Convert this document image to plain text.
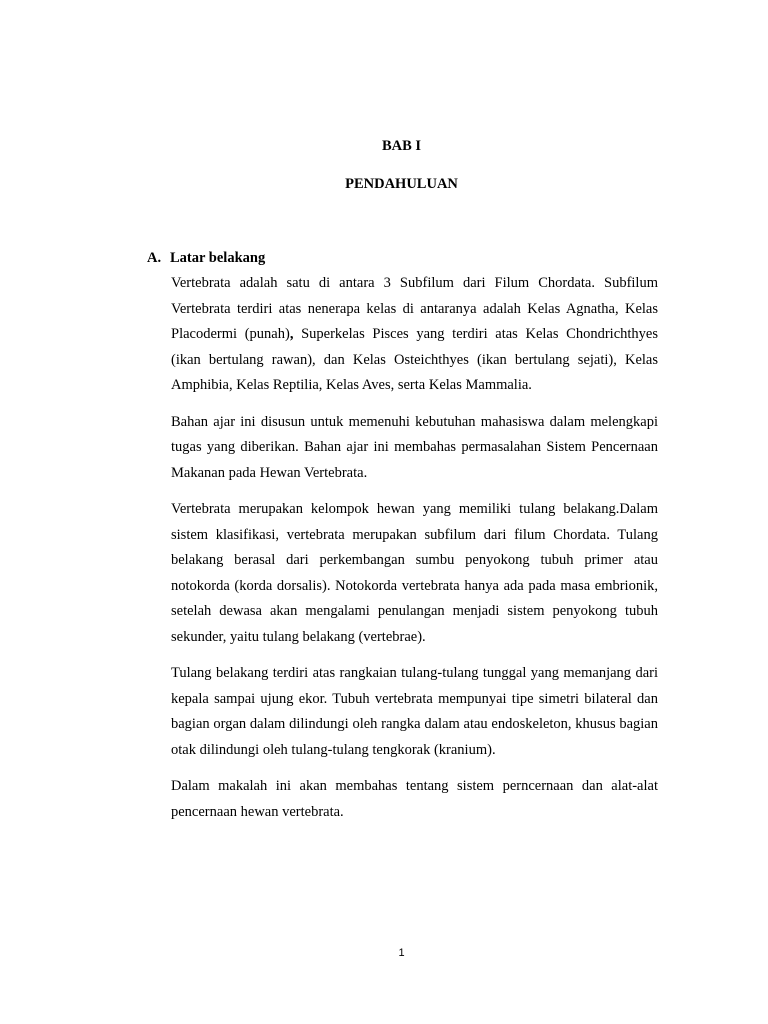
BAB I
PENDAHULUAN
A. Latar belakang

Vertebrata adalah satu di antara 3 Subfilum dari Filum Chordata. Subfilum Vertebrata terdiri atas nenerapa kelas di antaranya adalah Kelas Agnatha, Kelas Placodermi (punah), Superkelas Pisces yang terdiri atas Kelas Chondrichthyes (ikan bertulang rawan), dan Kelas Osteichthyes (ikan bertulang sejati), Kelas Amphibia, Kelas Reptilia, Kelas Aves, serta Kelas Mammalia.

Bahan ajar ini disusun untuk memenuhi kebutuhan mahasiswa dalam melengkapi tugas yang diberikan. Bahan ajar ini membahas permasalahan Sistem Pencernaan Makanan pada Hewan Vertebrata.

Vertebrata merupakan kelompok hewan yang memiliki tulang belakang.Dalam sistem klasifikasi, vertebrata merupakan subfilum dari filum Chordata. Tulang belakang berasal dari perkembangan sumbu penyokong tubuh primer atau notokorda (korda dorsalis). Notokorda vertebrata hanya ada pada masa embrionik, setelah dewasa akan mengalami penulangan menjadi sistem penyokong tubuh sekunder, yaitu tulang belakang (vertebrae).

Tulang belakang terdiri atas rangkaian tulang-tulang tunggal yang memanjang dari kepala sampai ujung ekor. Tubuh vertebrata mempunyai tipe simetri bilateral dan bagian organ dalam dilindungi oleh rangka dalam atau endoskeleton, khusus bagian otak dilindungi oleh tulang-tulang tengkorak (kranium).

Dalam makalah ini akan membahas tentang sistem perncernaan dan alat-alat pencernaan hewan vertebrata.

1
